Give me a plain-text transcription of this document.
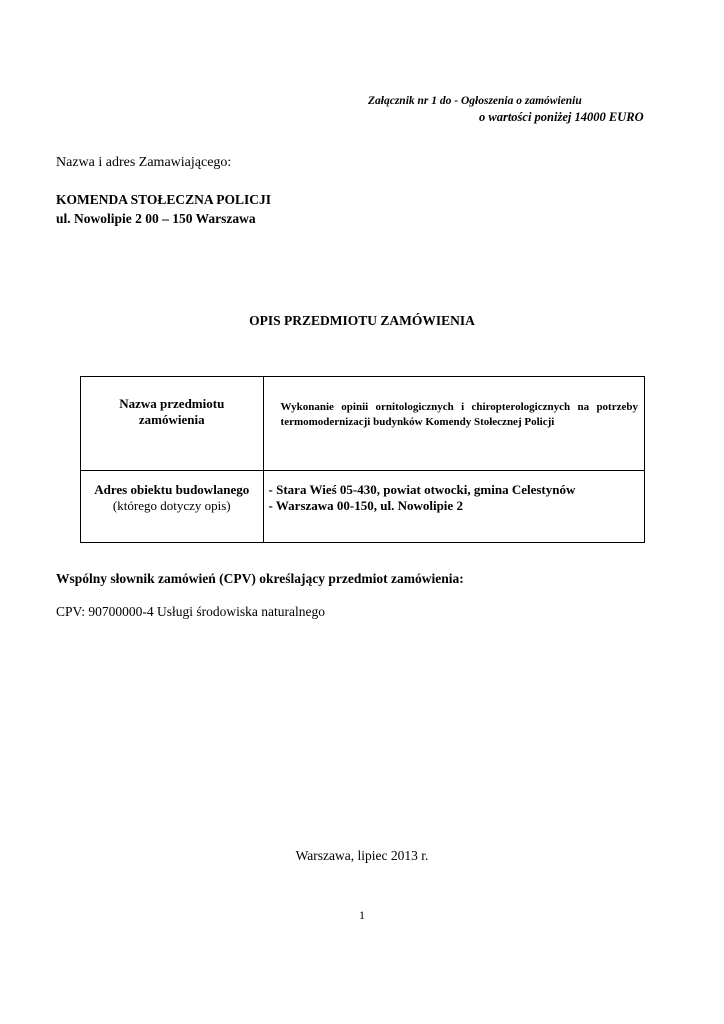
Załącznik nr 1 do - Ogłoszenia o zamówieniu
o wartości poniżej 14000 EURO
Nazwa i adres Zamawiającego:
KOMENDA STOŁECZNA POLICJI
ul. Nowolipie 2 00 – 150 Warszawa
OPIS PRZEDMIOTU ZAMÓWIENIA
Nazwa przedmiotu
zamówienia	Wykonanie opinii ornitologicznych i chiropterologicznych na potrzeby termomodernizacji budynków Komendy Stołecznej Policji

Adres obiektu budowlanego
(którego dotyczy opis)	- Stara Wieś 05-430, powiat otwocki, gmina Celestynów
- Warszawa 00-150, ul. Nowolipie 2
Wspólny słownik zamówień (CPV) określający przedmiot zamówienia:
CPV: 90700000-4 Usługi środowiska naturalnego
Warszawa, lipiec 2013 r.
1
